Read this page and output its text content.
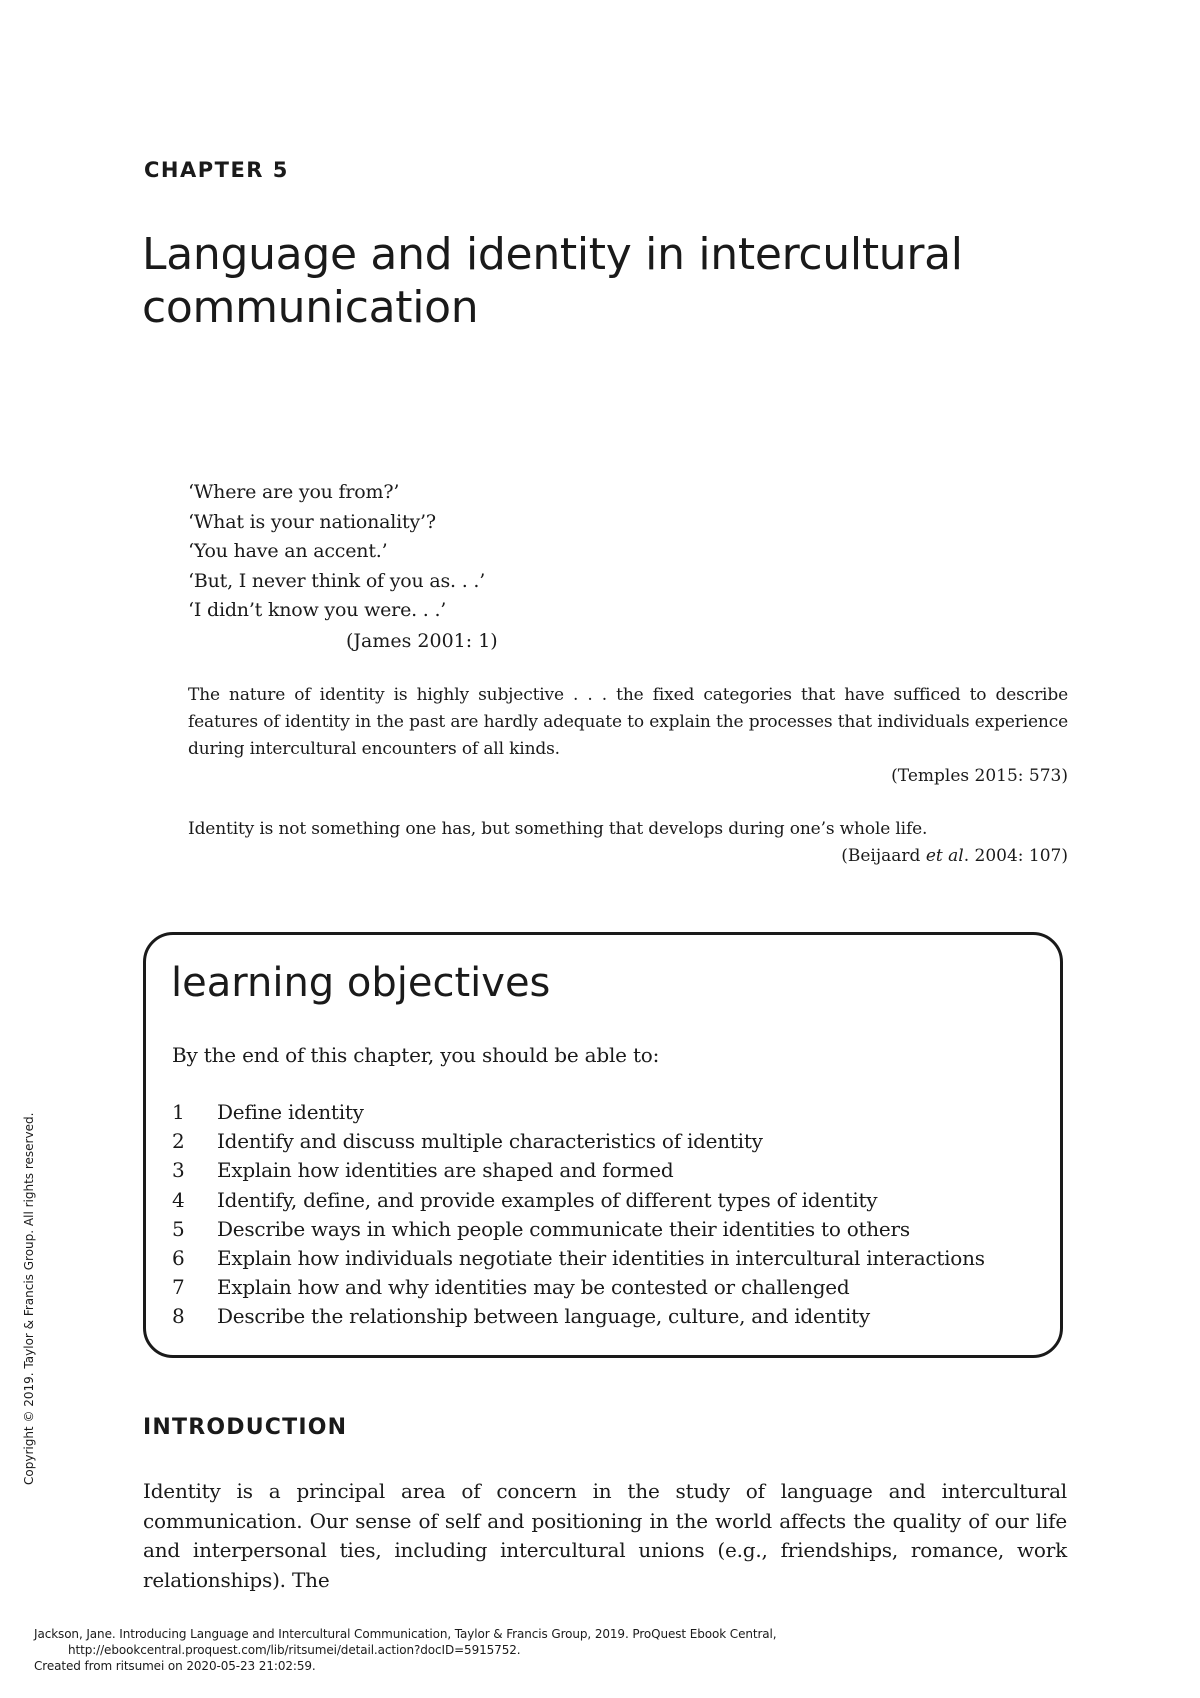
CHAPTER 5
Language and identity in intercultural communication
‘Where are you from?’
‘What is your nationality’?
‘You have an accent.’
‘But, I never think of you as. . .’
‘I didn’t know you were. . .’
(James 2001: 1)

The nature of identity is highly subjective . . . the fixed categories that have sufficed to describe features of identity in the past are hardly adequate to explain the processes that individuals experience during intercultural encounters of all kinds.

(Temples 2015: 573)

Identity is not something one has, but something that develops during one’s whole life.

(Beijaard et al. 2004: 107)
learning objectives

By the end of this chapter, you should be able to:

1	Define identity
2	Identify and discuss multiple characteristics of identity
3	Explain how identities are shaped and formed
4	Identify, define, and provide examples of different types of identity
5	Describe ways in which people communicate their identities to others
6	Explain how individuals negotiate their identities in intercultural interactions
7	Explain how and why identities may be contested or challenged
8	Describe the relationship between language, culture, and identity
INTRODUCTION

Identity is a principal area of concern in the study of language and intercultural communication. Our sense of self and positioning in the world affects the quality of our life and interpersonal ties, including intercultural unions (e.g., friendships, romance, work relationships). The

Copyright © 2019. Taylor & Francis Group. All rights reserved.
Jackson, Jane. Introducing Language and Intercultural Communication, Taylor & Francis Group, 2019. ProQuest Ebook Central,
http://ebookcentral.proquest.com/lib/ritsumei/detail.action?docID=5915752.
Created from ritsumei on 2020-05-23 21:02:59.
